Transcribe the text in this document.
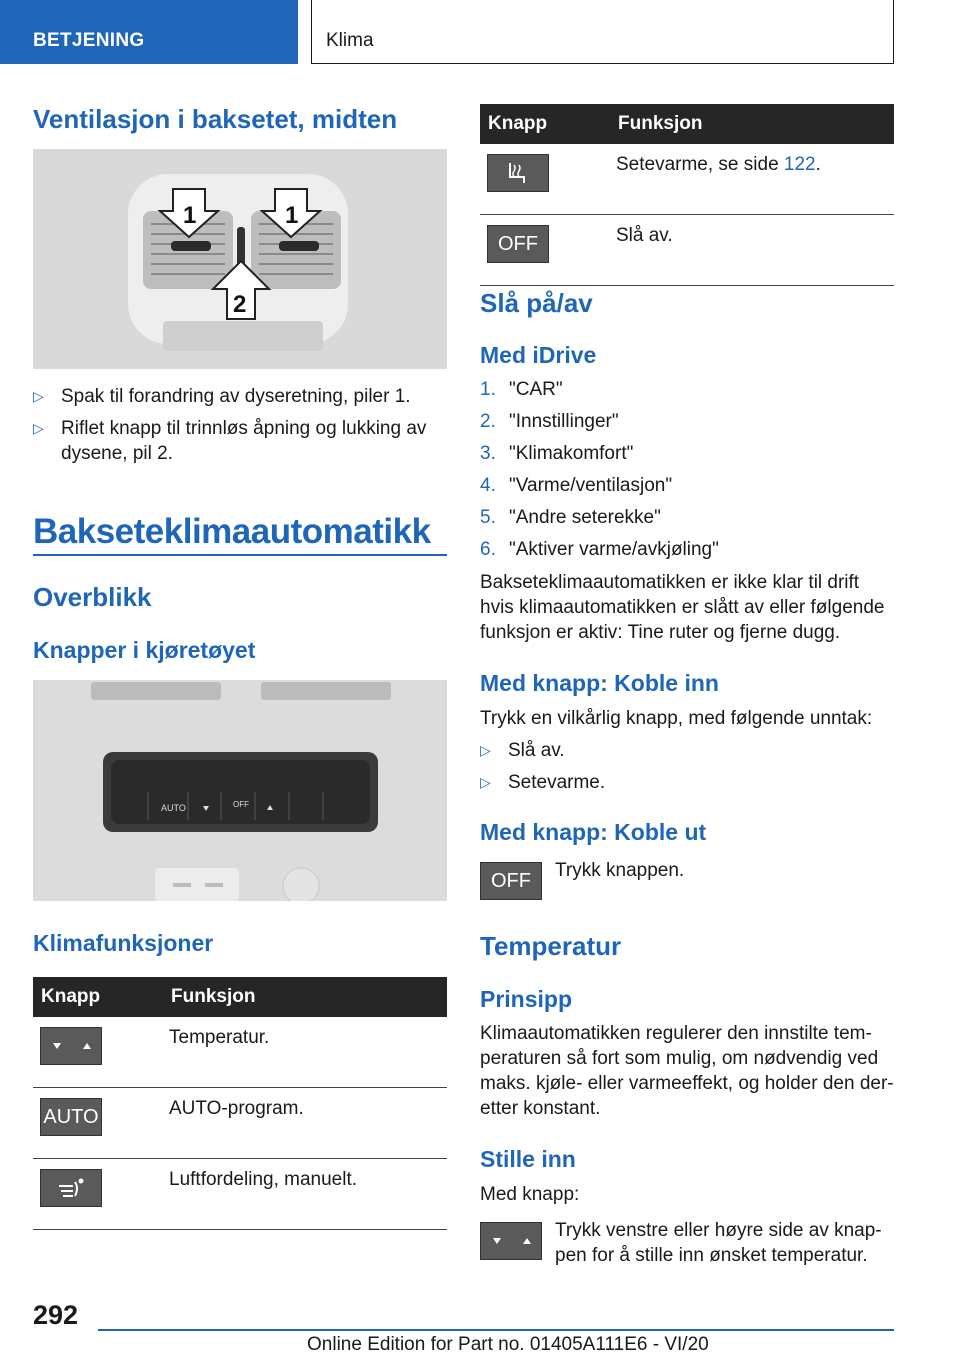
BETJENING	Klima
Ventilasjon i baksetet, midten
1	1
2
▷ Spak til forandring av dyseretning, piler 1.
▷ Riflet knapp til trinnløs åpning og lukking av
dysene, pil 2.
Bakseteklimaautomatikk
Overblikk
Knapper i kjøretøyet
AUTO	OFF
Klimafunksjoner
Knapp	Funksjon
	Temperatur.
AUTO	AUTO-program.
	Luftfordeling, manuelt.
Knapp	Funksjon
	Setevarme, se side 122.
OFF	Slå av.
Slå på/av
Med iDrive
1. "CAR"
2. "Innstillinger"
3. "Klimakomfort"
4. "Varme/ventilasjon"
5. "Andre seterekke"
6. "Aktiver varme/avkjøling"
Bakseteklimaautomatikken er ikke klar til drift
hvis klimaautomatikken er slått av eller følgende
funksjon er aktiv: Tine ruter og fjerne dugg.
Med knapp: Koble inn
Trykk en vilkårlig knapp, med følgende unntak:
▷ Slå av.
▷ Setevarme.
Med knapp: Koble ut
OFF	Trykk knappen.
Temperatur
Prinsipp
Klimaautomatikken regulerer den innstilte tem-
peraturen så fort som mulig, om nødvendig ved
maks. kjøle- eller varmeeffekt, og holder den der-
etter konstant.
Stille inn
Med knapp:
Trykk venstre eller høyre side av knap-
pen for å stille inn ønsket temperatur.
292
Online Edition for Part no. 01405A111E6 - VI/20
